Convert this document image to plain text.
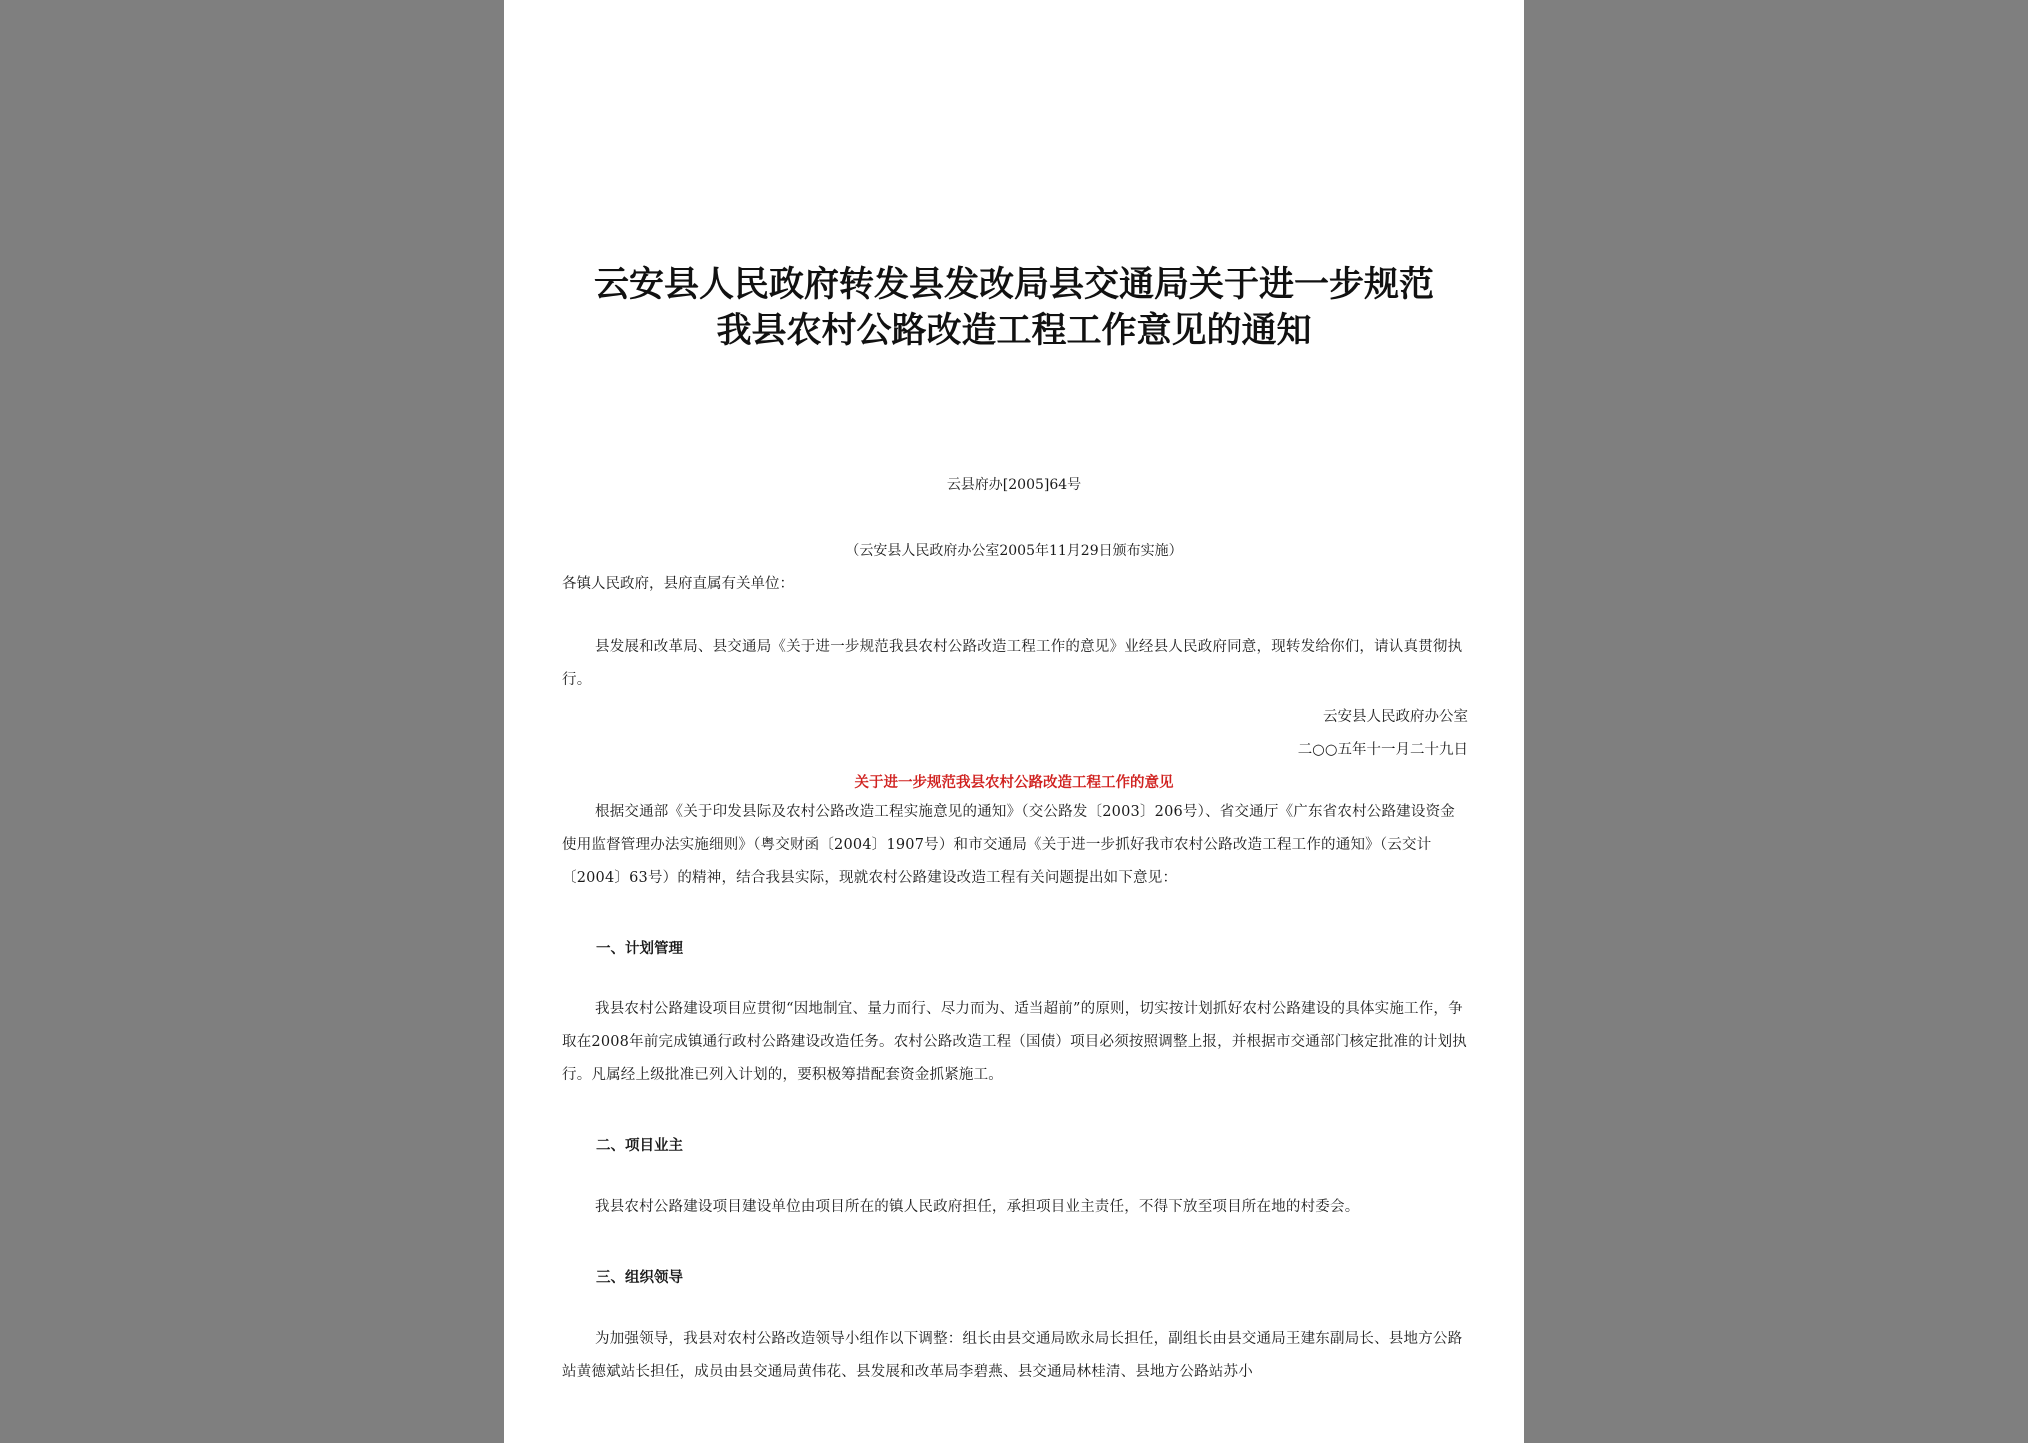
云安县人民政府转发县发改局县交通局关于进一步规范
我县农村公路改造工程工作意见的通知
云县府办[2005]64号
（云安县人民政府办公室2005年11月29日颁布实施）

各镇人民政府，县府直属有关单位：

县发展和改革局、县交通局《关于进一步规范我县农村公路改造工程工作的意见》业经县人民政府同意，现转发给你们，请认真贯彻执行。

云安县人民政府办公室
二○○五年十一月二十九日
关于进一步规范我县农村公路改造工程工作的意见

根据交通部《关于印发县际及农村公路改造工程实施意见的通知》（交公路发〔2003〕206号）、省交通厅《广东省农村公路建设资金使用监督管理办法实施细则》（粤交财函〔2004〕1907号）和市交通局《关于进一步抓好我市农村公路改造工程工作的通知》（云交计〔2004〕63号）的精神，结合我县实际，现就农村公路建设改造工程有关问题提出如下意见：

一、计划管理

我县农村公路建设项目应贯彻“因地制宜、量力而行、尽力而为、适当超前”的原则，切实按计划抓好农村公路建设的具体实施工作，争取在2008年前完成镇通行政村公路建设改造任务。农村公路改造工程（国债）项目必须按照调整上报，并根据市交通部门核定批准的计划执行。凡属经上级批准已列入计划的，要积极筹措配套资金抓紧施工。

二、项目业主

我县农村公路建设项目建设单位由项目所在的镇人民政府担任，承担项目业主责任，不得下放至项目所在地的村委会。

三、组织领导

为加强领导，我县对农村公路改造领导小组作以下调整：组长由县交通局欧永局长担任，副组长由县交通局王建东副局长、县地方公路站黄德斌站长担任，成员由县交通局黄伟花、县发展和改革局李碧燕、县交通局林桂清、县地方公路站苏小
